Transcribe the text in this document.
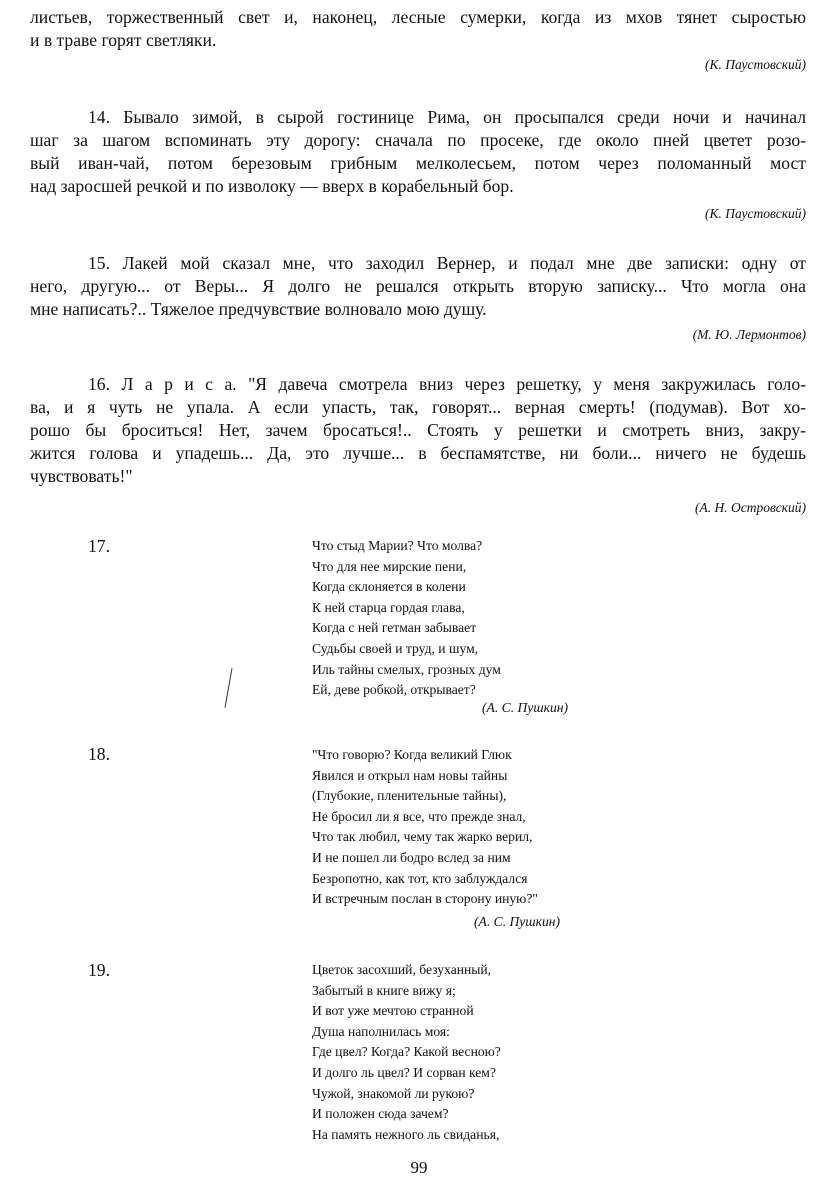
листьев, торжественный свет и, наконец, лесные сумерки, когда из мхов тянет сыростью
и в траве горят светляки.
(К. Паустовский)
14. Бывало зимой, в сырой гостинице Рима, он просыпался среди ночи и начинал
шаг за шагом вспоминать эту дорогу: сначала по просеке, где около пней цветет розо-
вый иван-чай, потом березовым грибным мелколесьем, потом через поломанный мост
над заросшей речкой и по изволоку — вверх в корабельный бор.
(К. Паустовский)
15. Лакей мой сказал мне, что заходил Вернер, и подал мне две записки: одну от
него, другую... от Веры... Я долго не решался открыть вторую записку... Что могла она
мне написать?.. Тяжелое предчувствие волновало мою душу.
(М. Ю. Лермонтов)
16. Л а р и с а. "Я давеча смотрела вниз через решетку, у меня закружилась голо-
ва, и я чуть не упала. А если упасть, так, говорят... верная смерть! (подумав). Вот хо-
рошо бы броситься! Нет, зачем бросаться!.. Стоять у решетки и смотреть вниз, закру-
жится голова и упадешь... Да, это лучше... в беспамятстве, ни боли... ничего не будешь
чувствовать!"
(А. Н. Островский)
17.	Что стыд Марии? Что молва?
Что для нее мирские пени,
Когда склоняется в колени
К ней старца гордая глава,
Когда с ней гетман забывает
Судьбы своей и труд, и шум,
Иль тайны смелых, грозных дум
Ей, деве робкой, открывает?
(А. С. Пушкин)
18.	"Что говорю? Когда великий Глюк
Явился и открыл нам новы тайны
(Глубокие, пленительные тайны),
Не бросил ли я все, что прежде знал,
Что так любил, чему так жарко верил,
И не пошел ли бодро вслед за ним
Безропотно, как тот, кто заблуждался
И встречным послан в сторону иную?"
(А. С. Пушкин)
19.	Цветок засохший, безуханный,
Забытый в книге вижу я;
И вот уже мечтою странной
Душа наполнилась моя:
Где цвел? Когда? Какой весною?
И долго ль цвел? И сорван кем?
Чужой, знакомой ли рукою?
И положен сюда зачем?
На память нежного ль свиданья,
99
